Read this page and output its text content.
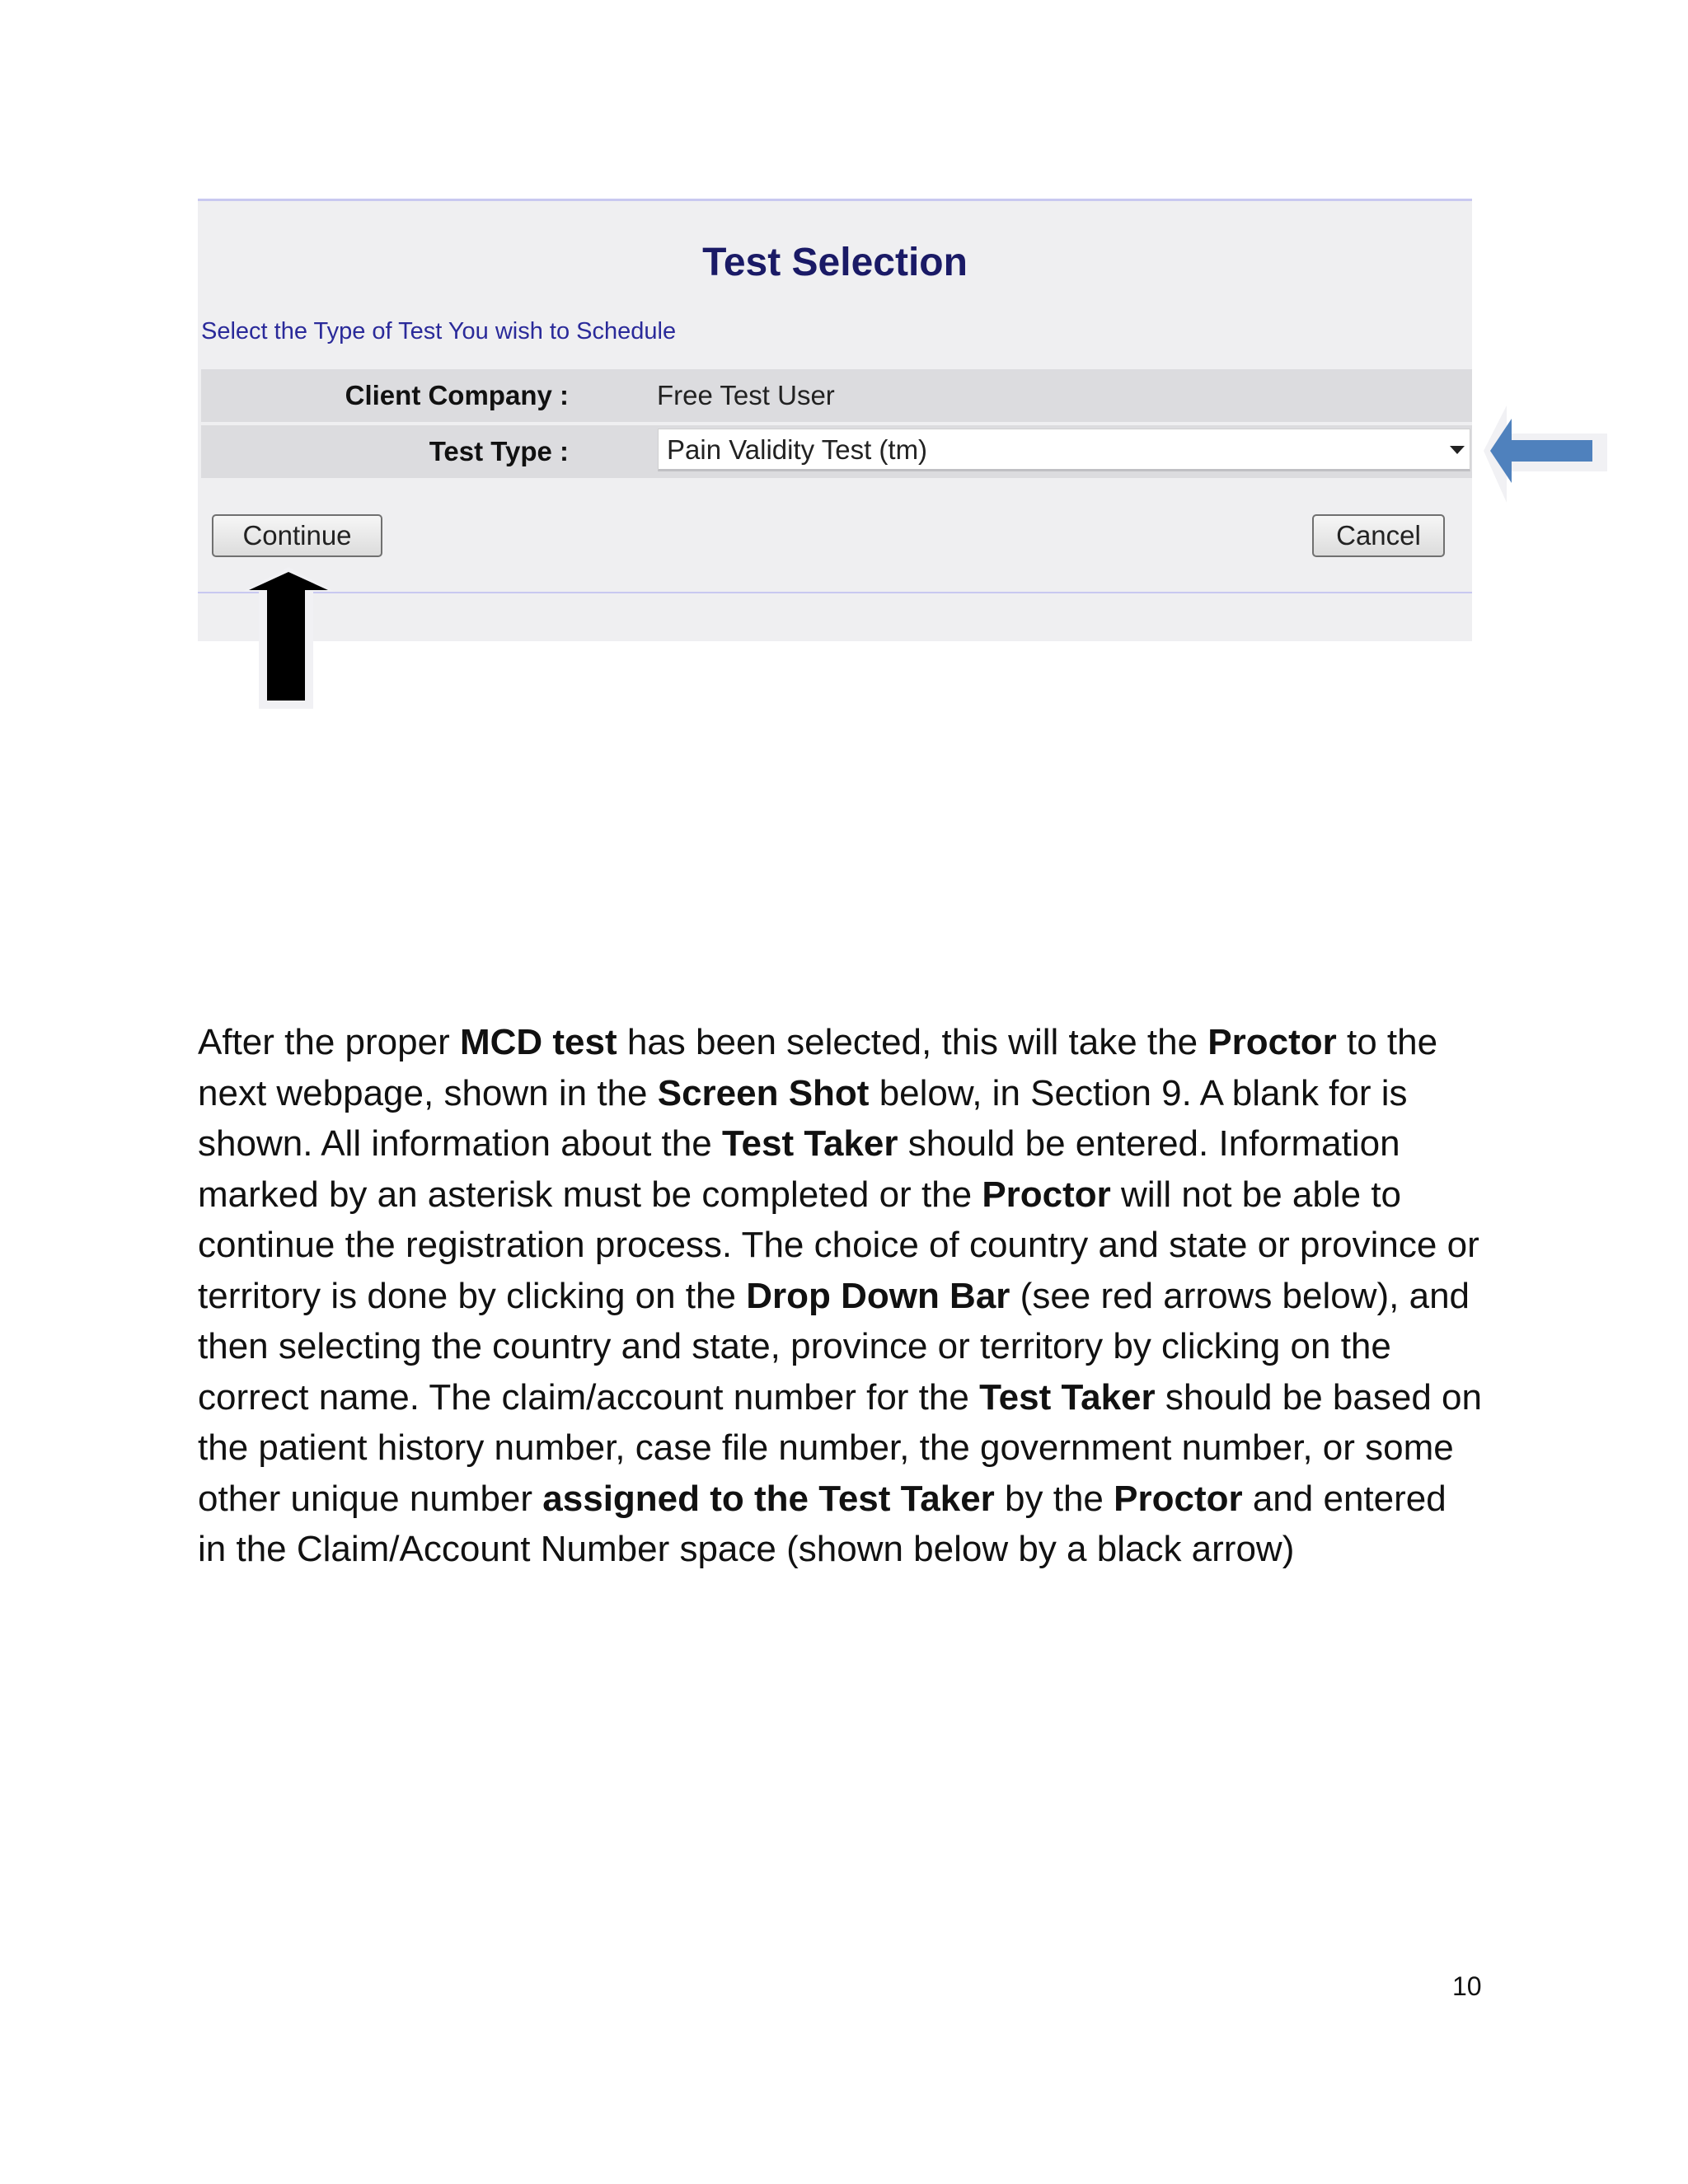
Test Selection
Select the Type of Test You wish to Schedule
Client Company :	Free Test User
Test Type :	Pain Validity Test (tm)
Continue	Cancel

After the proper MCD test has been selected, this will take the Proctor to the next webpage, shown in the Screen Shot below, in Section 9. A blank for is shown. All information about the Test Taker should be entered. Information marked by an asterisk must be completed or the Proctor will not be able to continue the registration process. The choice of country and state or province or territory is done by clicking on the Drop Down Bar (see red arrows below), and then selecting the country and state, province or territory by clicking on the correct name. The claim/account number for the Test Taker should be based on the patient history number, case file number, the government number, or some other unique number assigned to the Test Taker by the Proctor and entered in the Claim/Account Number space (shown below by a black arrow)

10
